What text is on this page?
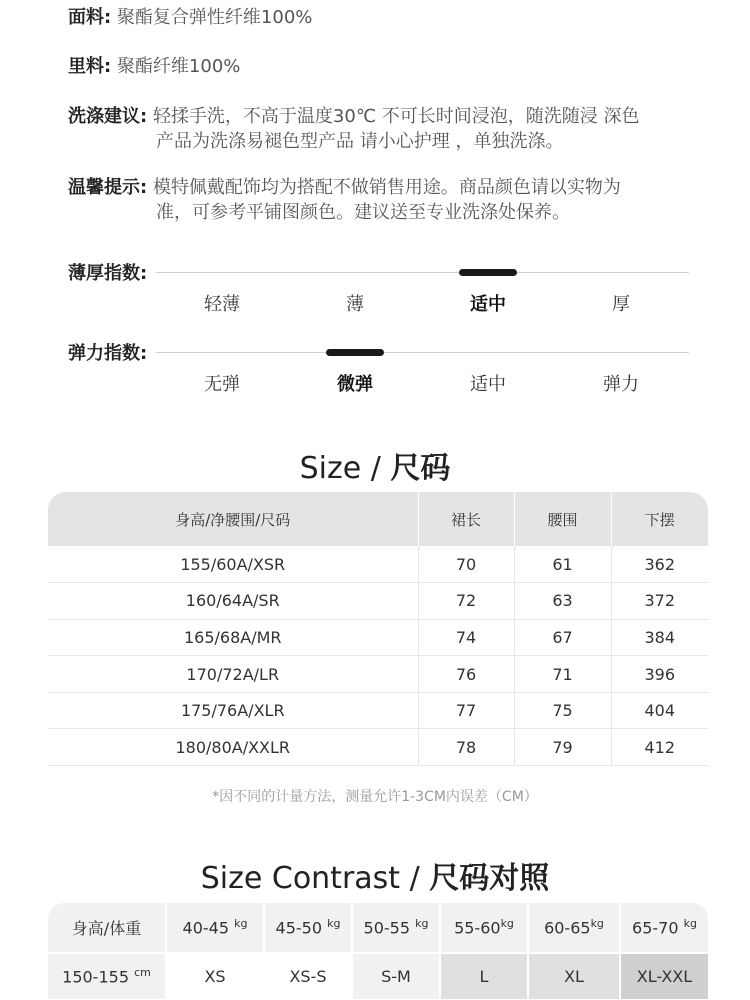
面料: 聚酯复合弹性纤维100%
里料: 聚酯纤维100%
洗涤建议: 轻揉手洗，不高于温度30℃ 不可长时间浸泡，随洗随浸 深色
产品为洗涤易褪色型产品 请小心护理 ，单独洗涤。
温馨提示: 模特佩戴配饰均为搭配不做销售用途。商品颜色请以实物为
准，可参考平铺图颜色。建议送至专业洗涤处保养。
薄厚指数:
轻薄	薄	适中	厚
弹力指数:
无弹	微弹	适中	弹力
Size / 尺码
身高/净腰围/尺码	裙长	腰围	下摆
155/60A/XSR	70	61	362
160/64A/SR	72	63	372
165/68A/MR	74	67	384
170/72A/LR	76	71	396
175/76A/XLR	77	75	404
180/80A/XXLR	78	79	412
*因不同的计量方法，测量允许1-3CM内误差（CM）
Size Contrast / 尺码对照
身高/体重	40-45 $^{kg}$	45-50 $^{kg}$	50-55 $^{kg}$	$55-60^{kg}$	$60-65^{kg}$	65-70 $^{kg}$
150-155 $^{cm}$	XS	XS-S	S-M	L	XL	XL-XXL
